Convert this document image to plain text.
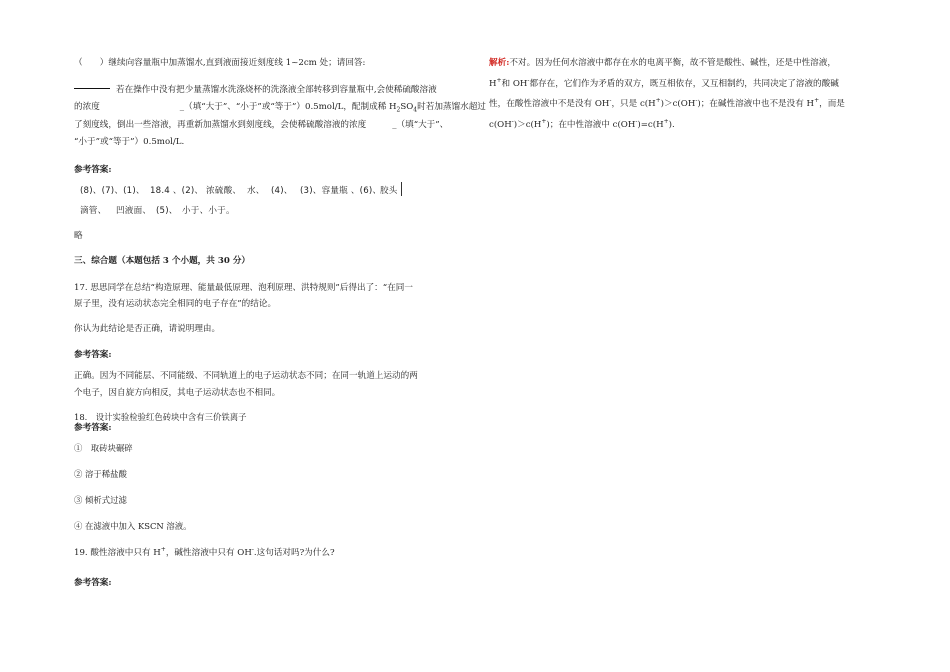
（　　）继续向容量瓶中加蒸馏水,直到液面接近刻度线 1~2cm 处；请回答:
若在操作中没有把少量蒸馏水洗涤烧杯的洗涤液全部转移到容量瓶中,会使稀硫酸溶液
的浓度	_（填“大于”、“小于”或“等于”）0.5mol/L，配制成稀 $H_2SO_4$时若加蒸馏水超过
了刻度线，倒出一些溶液，再重新加蒸馏水到刻度线，会使稀硫酸溶液的浓度	_（填“大于”、
“小于”或“等于”）0.5mol/L.
参考答案:
(8)、(7)、(1)、 18.4 、(2)、 浓硫酸、 水、 (4)、 (3)、容量瓶 、(6)、
胶头
滴管、 凹液面、 (5)、 小于、小于。
略
三、综合题（本题包括 3 个小题，共 30 分）
17. 思思同学在总结“构造原理、能量最低原理、泡利原理、洪特规则”后得出了：“在同一
原子里，没有运动状态完全相同的电子存在”的结论。
你认为此结论是否正确，请说明理由。
参考答案:
正确。因为不同能层、不同能级、不同轨道上的电子运动状态不同；在同一轨道上运动的两
个电子，因自旋方向相反，其电子运动状态也不相同。
18.　设计实验检验红色砖块中含有三价铁离子
参考答案:
①　取砖块碾碎
② 溶于稀盐酸
③ 倾析式过滤
④ 在滤液中加入 KSCN 溶液。
19. 酸性溶液中只有 H+，碱性溶液中只有 OH-.这句话对吗?为什么?
参考答案:
解析:不对。因为任何水溶液中都存在水的电离平衡，故不管是酸性、碱性，还是中性溶液，
H+和 OH-都存在，它们作为矛盾的双方，既互相依存，又互相制约，共同决定了溶液的酸碱
性，在酸性溶液中不是没有 OH-，只是 c(H+)＞c(OH-)；在碱性溶液中也不是没有 H+，而是
c(OH-)＞c(H+)；在中性溶液中 c(OH-)=c(H+).
